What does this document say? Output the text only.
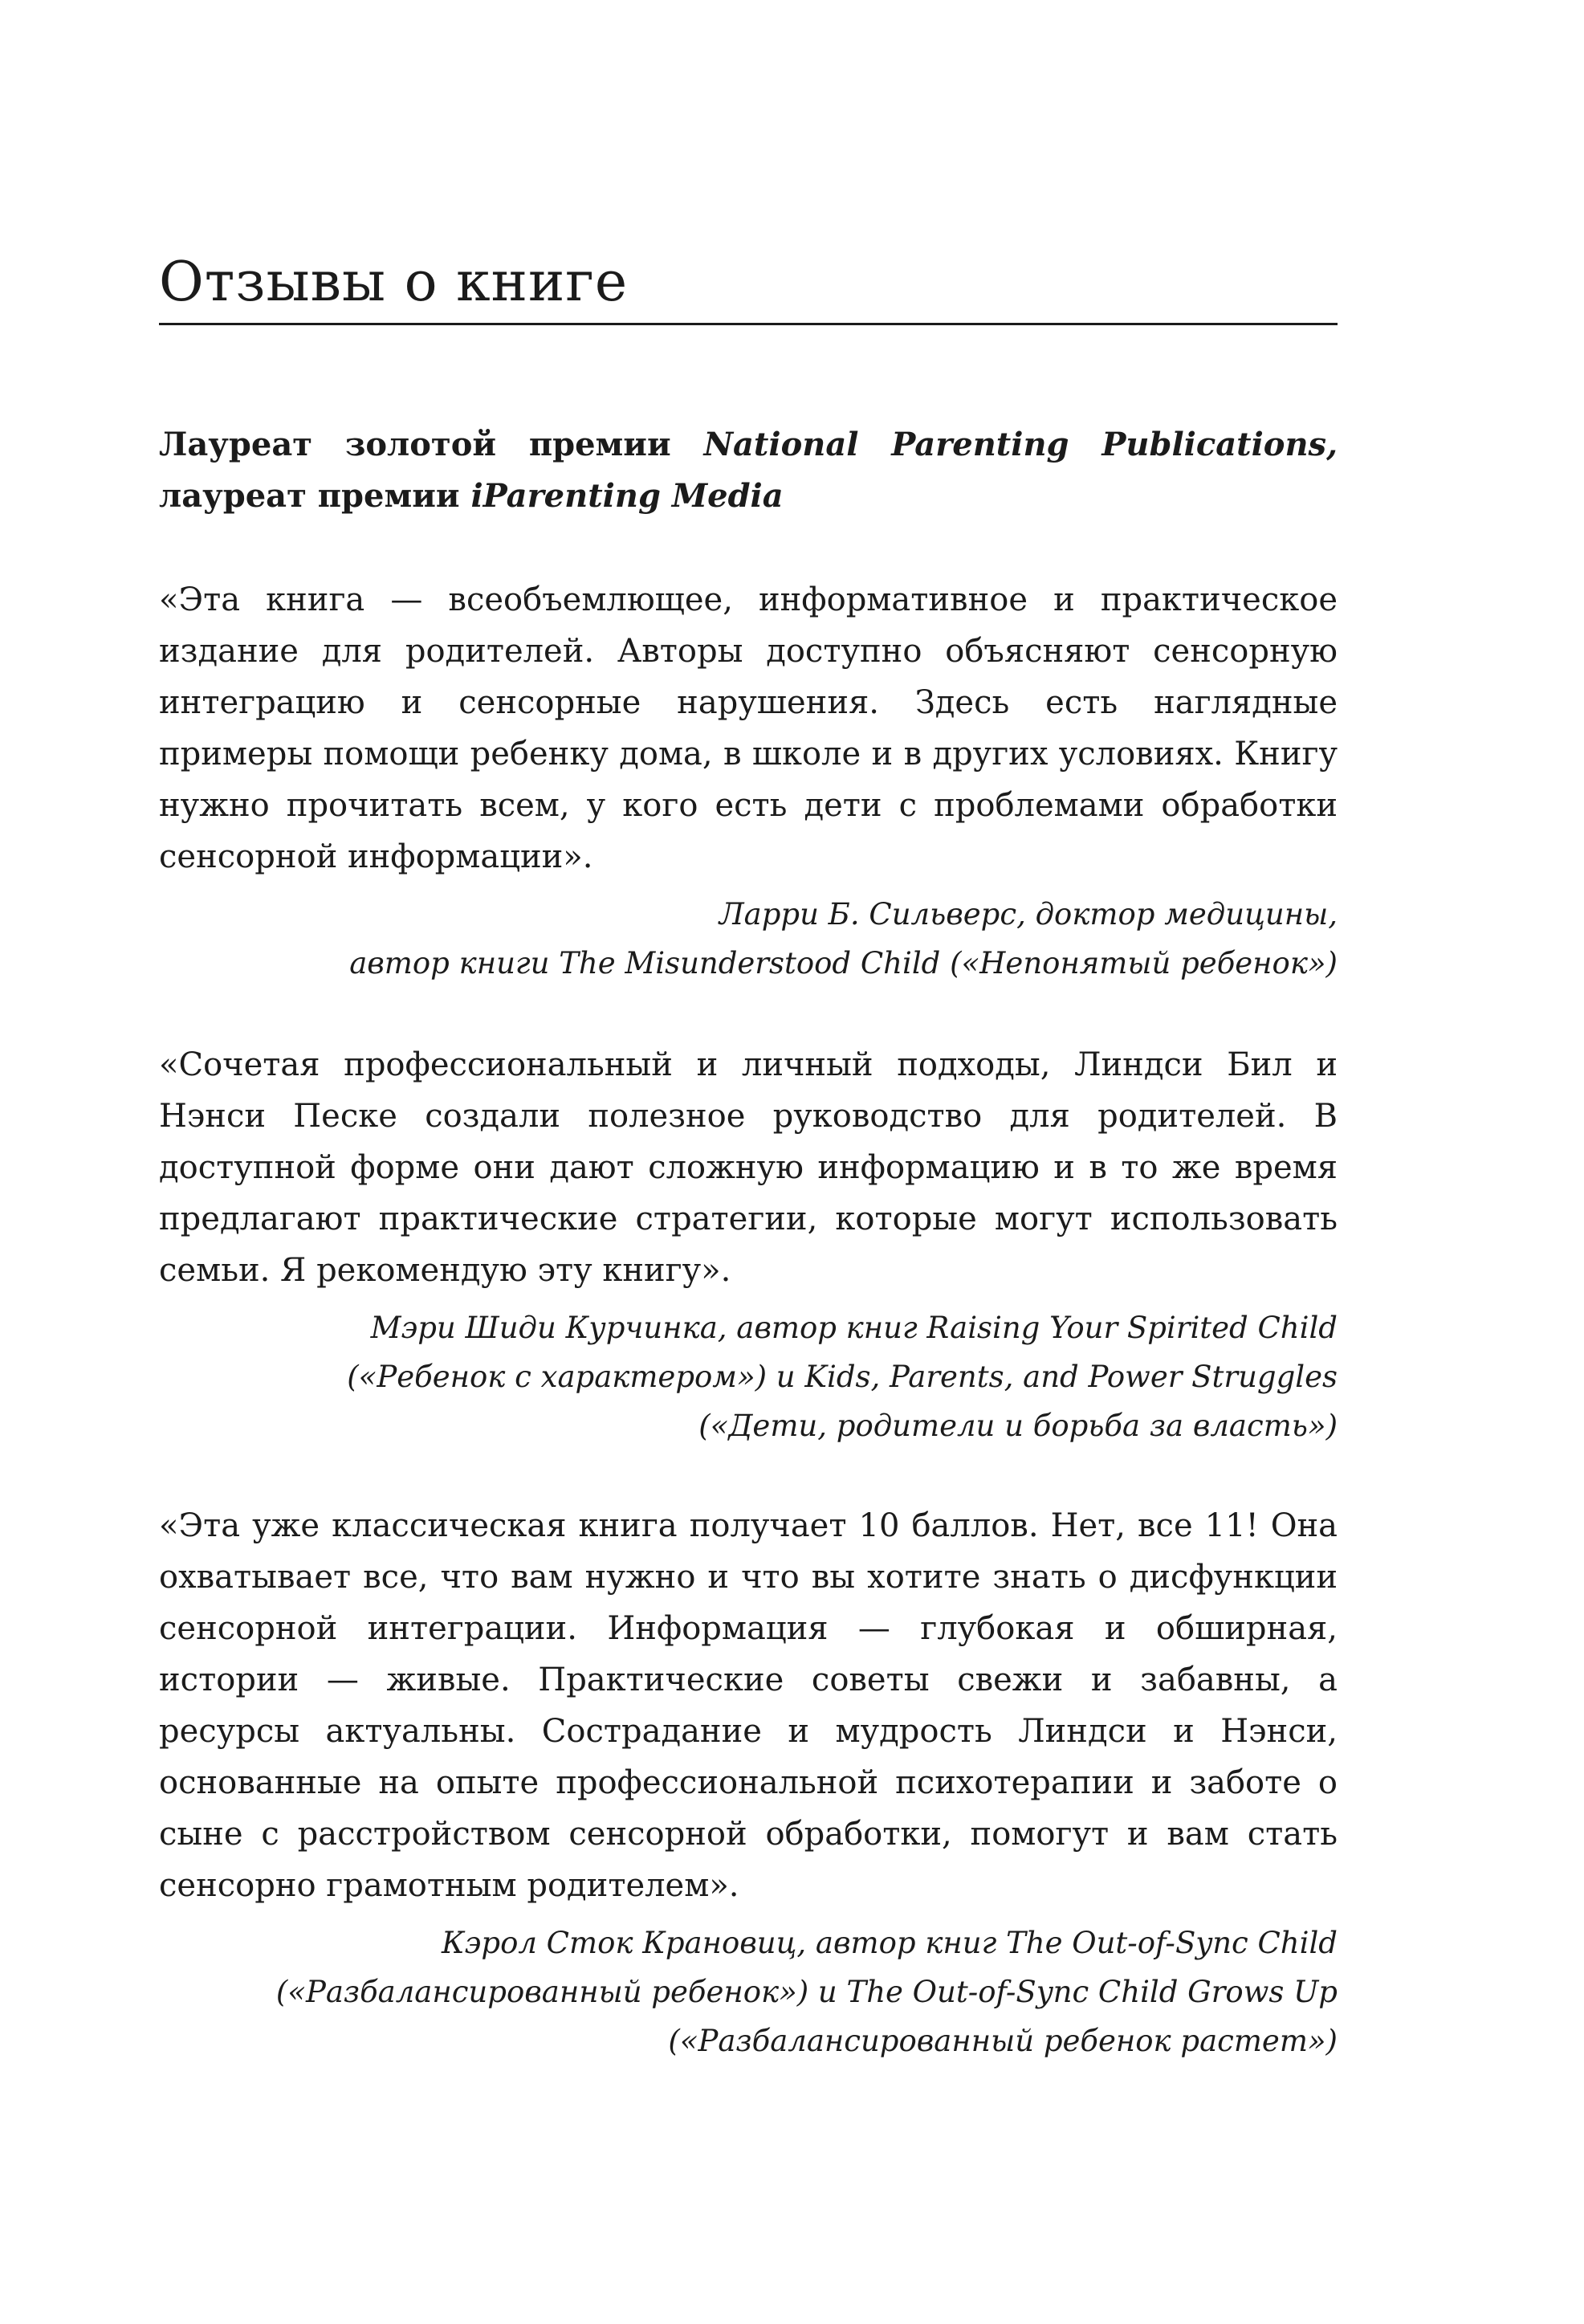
Отзывы о книге

Лауреат золотой премии National Parenting Publications, лауреат премии iParenting Media

«Эта книга — всеобъемлющее, информативное и практическое издание для родителей. Авторы доступно объясняют сенсорную интеграцию и сенсорные нарушения. Здесь есть наглядные примеры помощи ребенку дома, в школе и в других условиях. Книгу нужно прочитать всем, у кого есть дети с проблемами обработки сенсорной информации».

Ларри Б. Сильверс, доктор медицины,
автор книги The Misunderstood Child («Непонятый ребенок»)

«Сочетая профессиональный и личный подходы, Линдси Бил и Нэнси Песке создали полезное руководство для родителей. В доступной форме они дают сложную информацию и в то же время предлагают практические стратегии, которые могут использовать семьи. Я рекомендую эту книгу».

Мэри Шиди Курчинка, автор книг Raising Your Spirited Child
(«Ребенок с характером») и Kids, Parents, and Power Struggles
(«Дети, родители и борьба за власть»)

«Эта уже классическая книга получает 10 баллов. Нет, все 11! Она охватывает все, что вам нужно и что вы хотите знать о дисфункции сенсорной интеграции. Информация — глубокая и обширная, истории — живые. Практические советы свежи и забавны, а ресурсы актуальны. Сострадание и мудрость Линдси и Нэнси, основанные на опыте профессиональной психотерапии и заботе о сыне с расстройством сенсорной обработки, помогут и вам стать сенсорно грамотным родителем».

Кэрол Сток Крановиц, автор книг The Out-of-Sync Child
(«Разбалансированный ребенок») и The Out-of-Sync Child Grows Up
(«Разбалансированный ребенок растет»)
